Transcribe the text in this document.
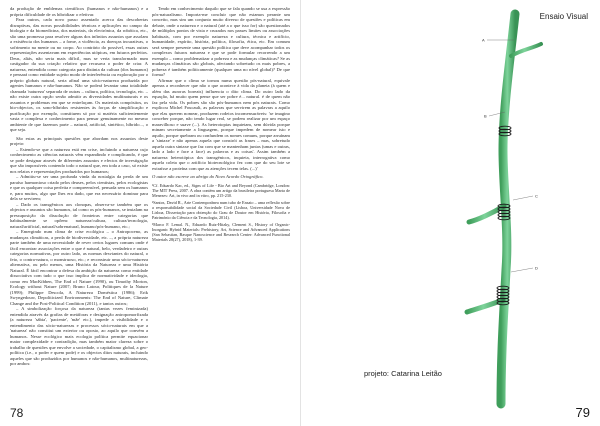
da produção de emblemas científicos (humanos e não-humanos) e a própria dificuldade de os hibridizar o efetivar.

Para outros, cada novo passo assentado acerca das descobertas disruptivas, das novas possibilidades técnicas e aplicações no campo da biologia e da biomedicina, dos materiais, da electrónica, da robótica, etc., são uma promessa para resolver alguns dos infinitos assuntos que assolam a existência dos humanos – a fome, a violência, as doenças incurativas, o sofrimento na mente ou no corpo. Ao contrário do possível, essas outras representações assentavam em experiências utópicas, em futuros perfeitos. Deus, aliás, não seria mais difícil, mas se veria transformado num castigador da sua criação relativo que recusava o poder de criar. A natureza, entendida como categoria para distinta da cultura (dos humanos) e pensará como entidade sujeito modo de interferência ou exploração por o próprio globais natural, seria afinal uma sócio-natureza produzida por agentes humanos e não-humanos. Não se poderá levantar uma totalidade chamada 'natureza' separada de outras – cultura, política, tecnologia, etc. – não existe outra opção senão admitir as diversidades multinaturais e os assuntos e problemas em que se entrelaçam. Os materiais compósitos, os bio-objectos, os sono-híbridos resistentes às forças de simplificação e purificação por exemplo, constituem só por si matéria suficientemente vasta e complexa e conhecimento para pensar genuinamente no mesmo ambiente de que fazemos parte – natural, artificial, sintético, híbrido..., o que seja.

São estas as principais questões que abordam nos assuntos deste projeto:

– Estendo-se que a natureza está em crise, incluindo a natureza cujo conhecimento as ciências naturais vêm expandindo e complicando, é que se pode designar através de diferentes assuntos e efectos de investigação que são impossíveis contendo todo o natural que, em toda a caso, só existe nos relatos e representações produzidos por humanos;

– Admitiu-se ser uma profunda vinda da nostalgia da perda de um paraíso harmonioso criado pelos deuses, pelos cientistas, pelos ecologistas e que os qualquer coisa perfeita e compreensível, pensada sem os humanos e, para muitos, algo que lhes era dado, que era necessário dominar para dela se servirem;

– Dado os transgênicos aos clonopas, observa-se também que os objectos e assuntos são humanos, tal como os pós-humanos, se instalam na pressuposição da dissolução de fronteiras entre categorias que habitualmente se opõem: natureza/cultura, cultura/tecnologia, natural/artificial, natural/sobrenatural, humano/pós-humano, etc.;

– Emergindo num clima de crise ecológica – o Antropoceno, as mudanças climáticas, a perda de biodiversidade, etc. –, a própria natureza parte também de uma necessidade de rever certos lugares comuns onde é fácil encontrar associações entre o que é natural, belo, verdadeiro e outras categorias normativas, por outro lado, as normas desviantes do natural, o feio, o contra-natura, o monstruoso, etc.; e reconstruir uma sócio-natureza alternativa, ou pelo menos, uma História da Natureza e uma História Natural. É fácil encontrar a defesa da ambição da natureza como entidade dissociativa com tudo o que isso implica de normatividade e ideologia, como em MacKibben, The End of Nature (1990), ou Timothy Morton, Ecology without Nature (2007; Bruno Latour, Politiques de la Nature (1999); Philippe Descola, A Natureza Doméstica (1986); Erik Swyngedouw, Depoliticized Environments: The End of Nature, Climate Change and the Post-Political Condition (2011), e tantos outros;

– A simbolização forçosa da natureza (tantas vezes feminizada) entendida através da grafias de metáforas e designação antropomorfizada (a natureza 'sábia', 'paciente', 'mãe' etc.), impede a visibilidade e o entendimento das sócio-naturezas e processos sócio-naturais em que a 'natureza' não constitui um exterior ou oposto, ao aquilo que convém a humanos. Nesse ecológico mais ecologia política permite equacionar maior complexidade e contradição, mas também maior clareza sobre o trabalho de questões que envolve a sociedade, o capitalismo global, a geo-política (i.e., o poder e quem pode) e os objectos ditos naturais, incluindo aqueles que são produzidos por humanos e não-humanos, multinaturezas, por ambos:

Tendo em conhecimento daquilo que se fala quando se usa a expressão pós-naturalismo. Importa-me concluir que não estamos perante um conceito, mas sim um conjunto muito diverso de questões e políticas em debate, onde a natureza e o natural (até a o que isso for) são questionados de múltiplos pontos de vista e cruzados nos passes limites ou associações habituais, com por exemplo natureza e cultura, técnica e artifício, humanidade, espírito, história, política, filosofia, ética, etc. Em comum será sempre presente uma questão política que deve acompanhar todos os complexos futuros natureza e que se pode formular recorrendo a um exemplo – como problematizar a pobreza e as mudanças climáticas? Se as mudanças climáticas são globais, afectando sobretudo os mais pobres, a pobreza é também politicamente (qualquer uma no nível global)? De que forma?

Afirmar que o clima se tornou numa questão pós-natural, equivale apenas a reconhecer que não o que acontece à vida da planeta (à quem e além das auroras boreais) influencia o dito clima. Do outro lado da equação, há muito quem pense que ser pobre é... natural. é de quem não faz pela vida. Os pobres são são pós-humanos nem pós naturais. Como explicou Michel Foucault, as palavras que servirem as palavras a aquilo que elas querem nomear, produzem rodeios incomensuráveis: 'se imagino conceber porque, não tendo lugar real, se podem realizar por um espaço maravilhoso e suave (...). As heterotopias inquietam, sem dúvida porque minam secretamente a linguagem, porque impedem de nomear isto e aquilo, porque quebram ou confundem os nomes comuns, porque arruínam a 'sintaxe' e não apenas aquela que constrói as frases – mas, sobretudo aquela outra sintaxe que faz com que se mantenham juntas (umas e outras, lado a lado e face a face) as palavras e as coisas'. Assim também a natureza heterotópica dos transgénicos, inquieta, interrogativa como aquela coleta que o artifício biotecnológico fez com que do seu lote se extraísse a proteína com que as atenções tecem telas. (...)'

O autor não escreve ao abrigo do Novo Acordo Ortográfico.

¹Cf. Eduardo Kac, ed., Signs of Life - Bio Art and Beyond (Cambridge, London: The MIT Press, 2007. A obra contém um artigo da brasileira portuguesa Marta de Menezes: Art, in vivo and in vitro, pp. 215-230.

²Santos, David R., Arte Contemporânea num tubo de Ensaio – uma reflexão sobre a responsabilidade social da Sociedade Civil (Lisboa, Universidade Nova de Lisboa, Dissertação para obtenção do Grau de Doutor em História, Filosofia e Património da Ciência e da Tecnologia, 2014).

³Marco F. Lemal. N., Eduardo Ruiz-Hitzky, Clement S., History of Organic-Inorganic Hybrid Materials: Prehistory, Art, Science and Advanced Applications (San Sebastian, Basque Nanoscience and Research Center: Advanced Functional Materials 28(27), 2018), 1-39.

78
Ensaio Visual
A
B
C
D
projeto: Catarina Leitão
79
